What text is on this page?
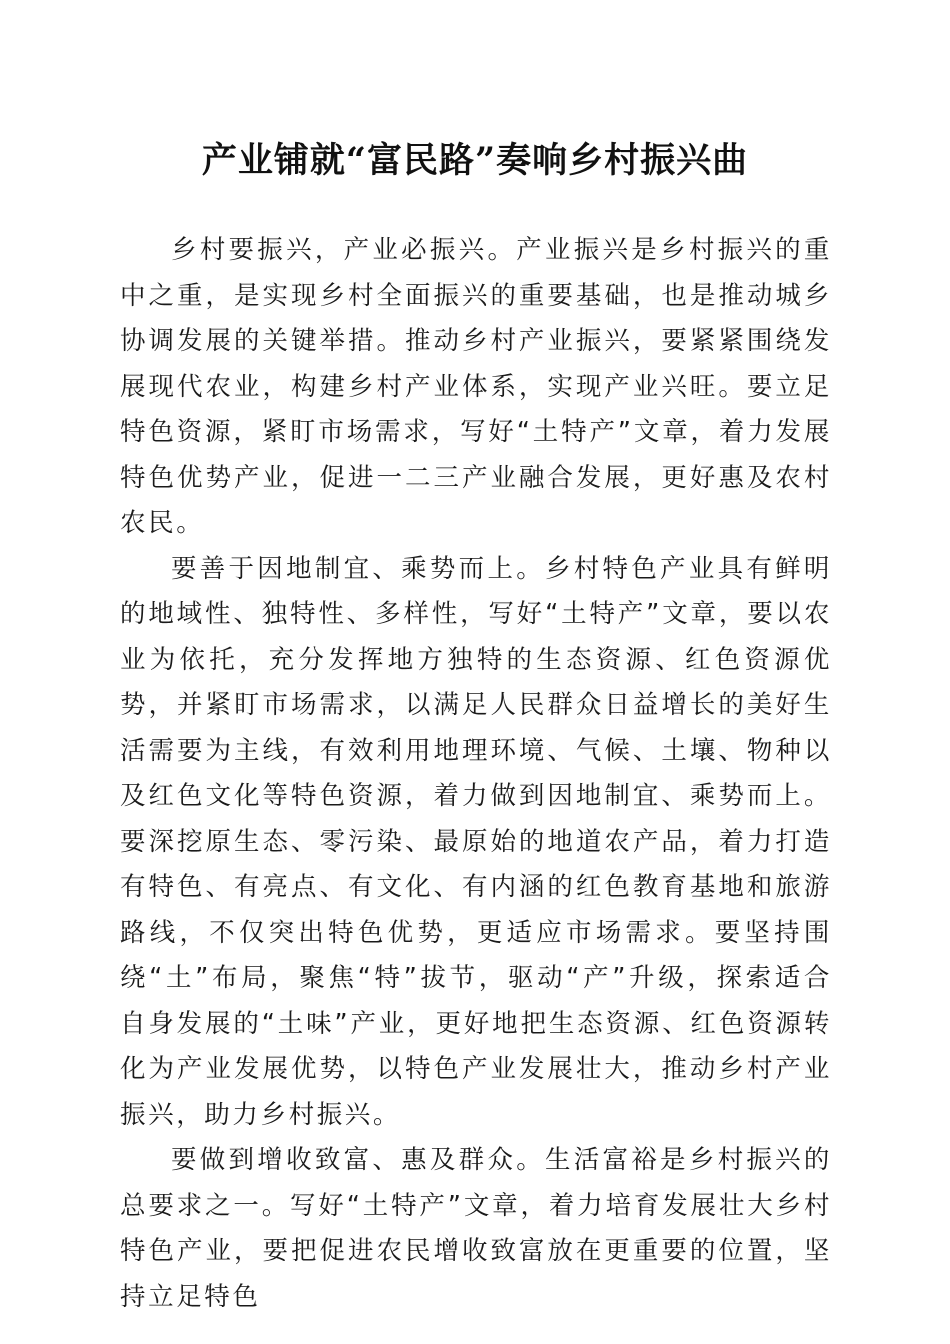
产业铺就“富民路”奏响乡村振兴曲

乡村要振兴，产业必振兴。产业振兴是乡村振兴的重中之重，是实现乡村全面振兴的重要基础，也是推动城乡协调发展的关键举措。推动乡村产业振兴，要紧紧围绕发展现代农业，构建乡村产业体系，实现产业兴旺。要立足特色资源，紧盯市场需求，写好“土特产”文章，着力发展特色优势产业，促进一二三产业融合发展，更好惠及农村农民。

要善于因地制宜、乘势而上。乡村特色产业具有鲜明的地域性、独特性、多样性，写好“土特产”文章，要以农业为依托，充分发挥地方独特的生态资源、红色资源优势，并紧盯市场需求，以满足人民群众日益增长的美好生活需要为主线，有效利用地理环境、气候、土壤、物种以及红色文化等特色资源，着力做到因地制宜、乘势而上。要深挖原生态、零污染、最原始的地道农产品，着力打造有特色、有亮点、有文化、有内涵的红色教育基地和旅游路线，不仅突出特色优势，更适应市场需求。要坚持围绕“土”布局，聚焦“特”拔节，驱动“产”升级，探索适合自身发展的“土味”产业，更好地把生态资源、红色资源转化为产业发展优势，以特色产业发展壮大，推动乡村产业振兴，助力乡村振兴。

要做到增收致富、惠及群众。生活富裕是乡村振兴的总要求之一。写好“土特产”文章，着力培育发展壮大乡村特色产业，要把促进农民增收致富放在更重要的位置，坚持立足特色
